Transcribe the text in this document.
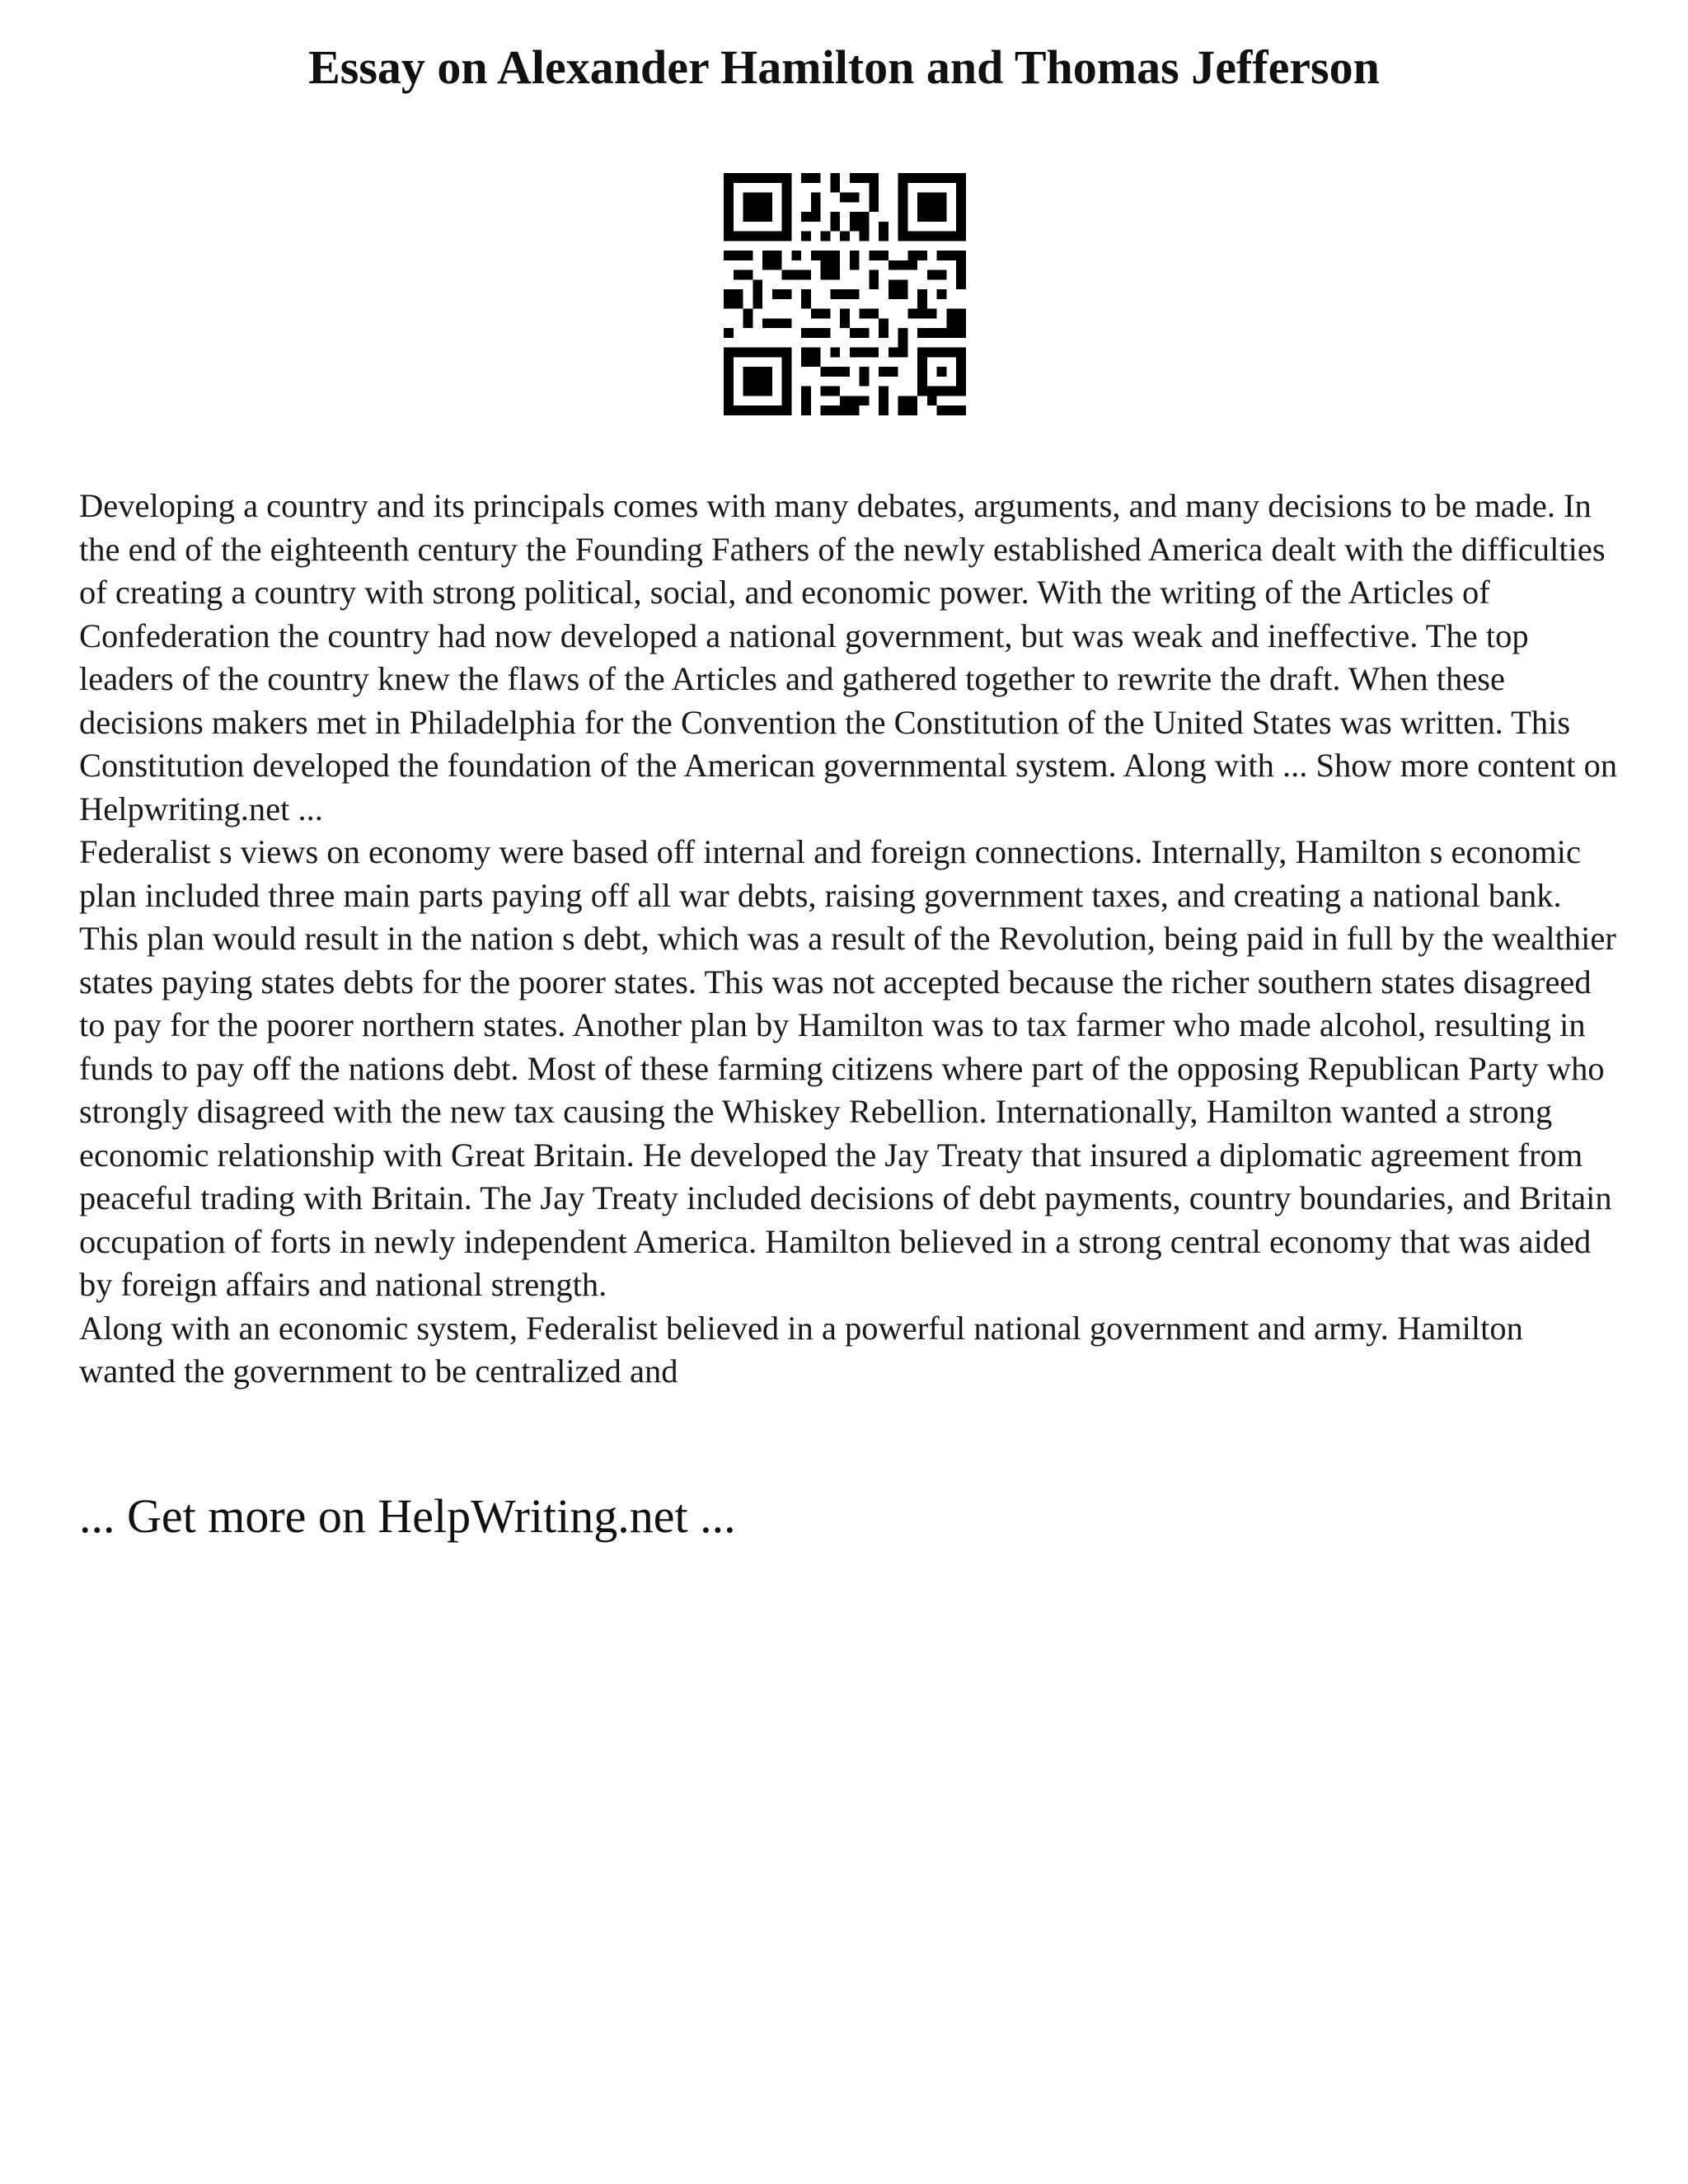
Essay on Alexander Hamilton and Thomas Jefferson

Developing a country and its principals comes with many debates, arguments, and many decisions to be made. In the end of the eighteenth century the Founding Fathers of the newly established America dealt with the difficulties of creating a country with strong political, social, and economic power. With the writing of the Articles of Confederation the country had now developed a national government, but was weak and ineffective. The top leaders of the country knew the flaws of the Articles and gathered together to rewrite the draft. When these decisions makers met in Philadelphia for the Convention the Constitution of the United States was written. This Constitution developed the foundation of the American governmental system. Along with ... Show more content on Helpwriting.net ...

Federalist s views on economy were based off internal and foreign connections. Internally, Hamilton s economic plan included three main parts paying off all war debts, raising government taxes, and creating a national bank. This plan would result in the nation s debt, which was a result of the Revolution, being paid in full by the wealthier states paying states debts for the poorer states. This was not accepted because the richer southern states disagreed to pay for the poorer northern states. Another plan by Hamilton was to tax farmer who made alcohol, resulting in funds to pay off the nations debt. Most of these farming citizens where part of the opposing Republican Party who strongly disagreed with the new tax causing the Whiskey Rebellion. Internationally, Hamilton wanted a strong economic relationship with Great Britain. He developed the Jay Treaty that insured a diplomatic agreement from peaceful trading with Britain. The Jay Treaty included decisions of debt payments, country boundaries, and Britain occupation of forts in newly independent America. Hamilton believed in a strong central economy that was aided by foreign affairs and national strength.

Along with an economic system, Federalist believed in a powerful national government and army. Hamilton wanted the government to be centralized and

... Get more on HelpWriting.net ...
